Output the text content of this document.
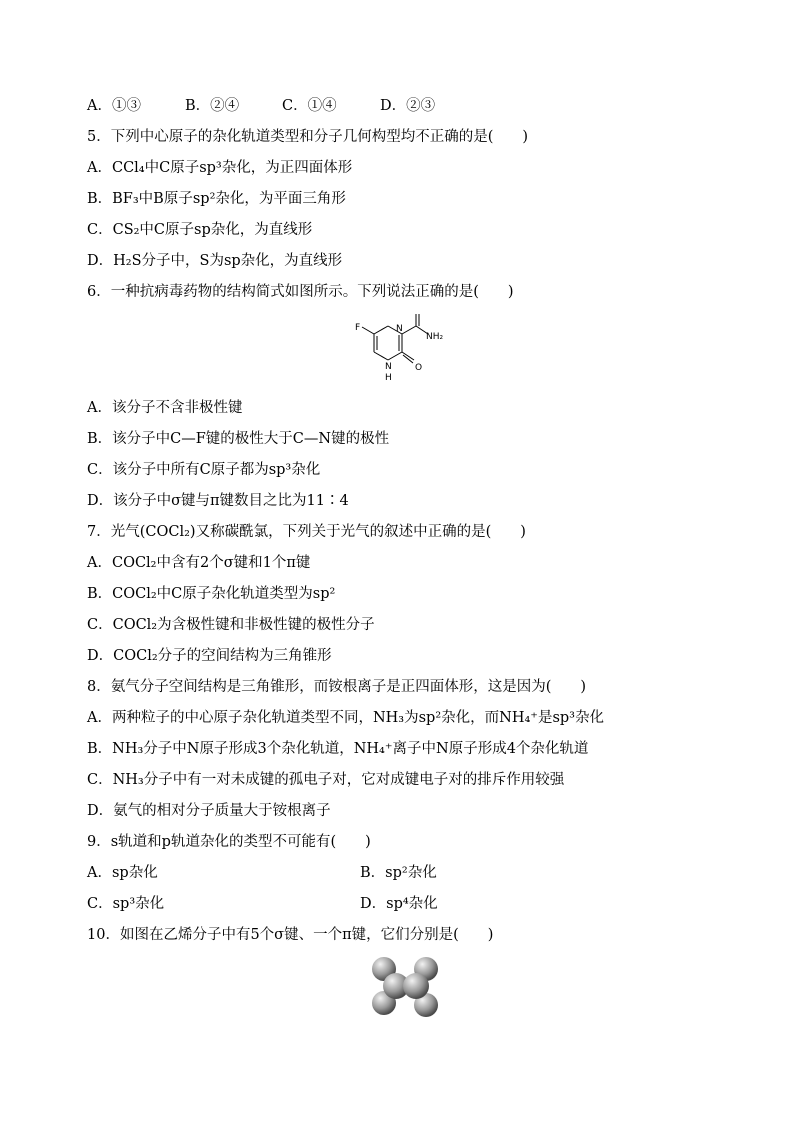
A．①③	B．②④	C．①④	D．②③
5．下列中心原子的杂化轨道类型和分子几何构型均不正确的是(　　)
A．CCl₄中C原子sp³杂化，为正四面体形
B．BF₃中B原子sp²杂化，为平面三角形
C．CS₂中C原子sp杂化，为直线形
D．H₂S分子中，S为sp杂化，为直线形
6．一种抗病毒药物的结构简式如图所示。下列说法正确的是(　　)
F	N
NH₂
O
N
H
A．该分子不含非极性键
B．该分子中C—F键的极性大于C—N键的极性
C．该分子中所有C原子都为sp³杂化
D．该分子中σ键与π键数目之比为11∶4
7．光气(COCl₂)又称碳酰氯，下列关于光气的叙述中正确的是(　　)
A．COCl₂中含有2个σ键和1个π键
B．COCl₂中C原子杂化轨道类型为sp²
C．COCl₂为含极性键和非极性键的极性分子
D．COCl₂分子的空间结构为三角锥形
8．氨气分子空间结构是三角锥形，而铵根离子是正四面体形，这是因为(　　)
A．两种粒子的中心原子杂化轨道类型不同，NH₃为sp²杂化，而NH₄⁺是sp³杂化
B．NH₃分子中N原子形成3个杂化轨道，NH₄⁺离子中N原子形成4个杂化轨道
C．NH₃分子中有一对未成键的孤电子对，它对成键电子对的排斥作用较强
D．氨气的相对分子质量大于铵根离子
9．s轨道和p轨道杂化的类型不可能有(　　)
A．sp杂化	B．sp²杂化
C．sp³杂化	D．sp⁴杂化
10．如图在乙烯分子中有5个σ键、一个π键，它们分别是(　　)
